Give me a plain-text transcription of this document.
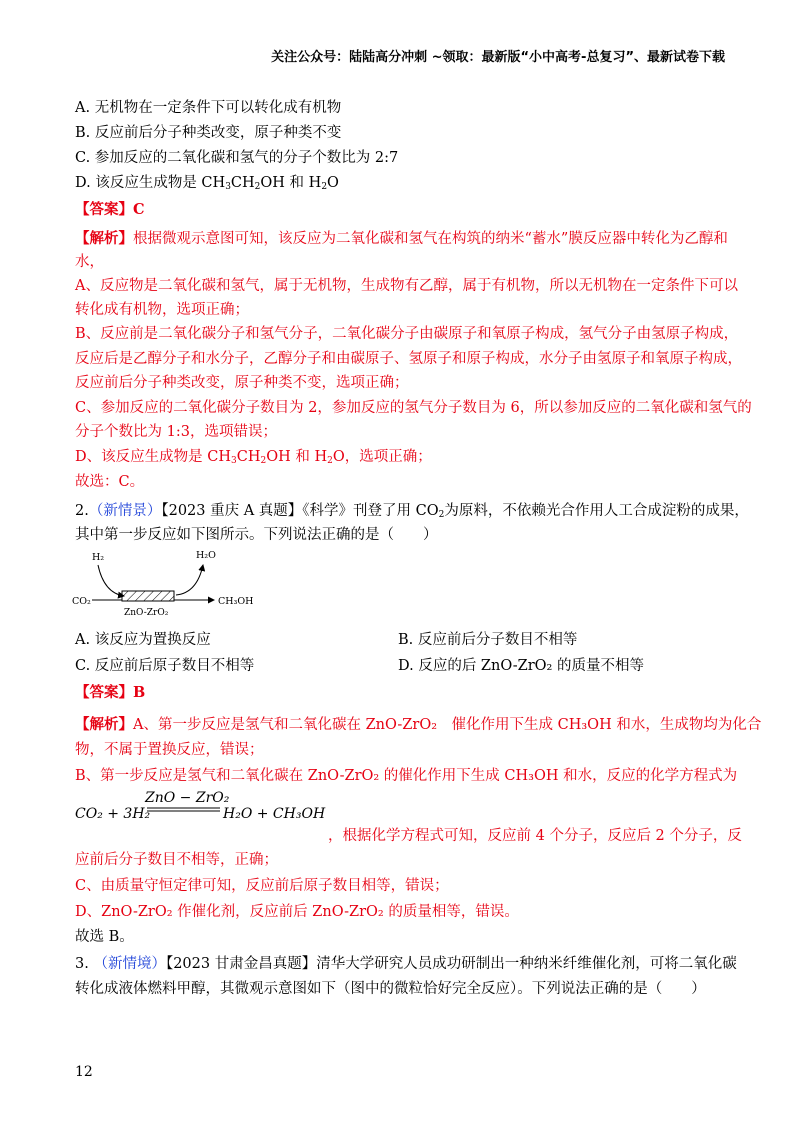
关注公众号：陆陆高分冲刺 ~领取：最新版“小中高考-总复习”、最新试卷下载
A. 无机物在一定条件下可以转化成有机物
B. 反应前后分子种类改变，原子种类不变
C. 参加反应的二氧化碳和氢气的分子个数比为 2:7
D. 该反应生成物是 $CH_3CH_2OH$ 和 $H_2O$
【答案】C
【解析】根据微观示意图可知，该反应为二氧化碳和氢气在构筑的纳米“蓄水”膜反应器中转化为乙醇和
水，
A、反应物是二氧化碳和氢气，属于无机物，生成物有乙醇，属于有机物，所以无机物在一定条件下可以
转化成有机物，选项正确；
B、反应前是二氧化碳分子和氢气分子，二氧化碳分子由碳原子和氧原子构成，氢气分子由氢原子构成，
反应后是乙醇分子和水分子，乙醇分子和由碳原子、氢原子和原子构成，水分子由氢原子和氧原子构成，
反应前后分子种类改变，原子种类不变，选项正确；
C、参加反应的二氧化碳分子数目为 2，参加反应的氢气分子数目为 6，所以参加反应的二氧化碳和氢气的
分子个数比为 1:3，选项错误；
D、该反应生成物是 $CH_3CH_2OH$ 和 $H_2O$，选项正确；
故选：C。
2.（新情景）【2023 重庆 A 真题】《科学》刊登了用 $CO_2$为原料，不依赖光合作用人工合成淀粉的成果，
其中第一步反应如下图所示。下列说法正确的是（　　）
H₂	H₂O
CO₂	CH₃OH
ZnO-ZrO₂
A. 该反应为置换反应	B. 反应前后分子数目不相等
C. 反应前后原子数目不相等	D. 反应的后 ZnO-ZrO₂ 的质量不相等
【答案】B
【解析】A、第一步反应是氢气和二氧化碳在 ZnO-ZrO₂　催化作用下生成 CH₃OH 和水，生成物均为化合
物，不属于置换反应，错误；
B、第一步反应是氢气和二氧化碳在 ZnO-ZrO₂ 的催化作用下生成 CH₃OH 和水，反应的化学方程式为
ZnO − ZrO₂
CO₂ + 3H₂	H₂O + CH₃OH
，根据化学方程式可知，反应前 4 个分子，反应后 2 个分子，反
应前后分子数目不相等，正确；
C、由质量守恒定律可知，反应前后原子数目相等，错误；
D、ZnO-ZrO₂ 作催化剂，反应前后 ZnO-ZrO₂ 的质量相等，错误。
故选 B。
3. （新情境）【2023 甘肃金昌真题】清华大学研究人员成功研制出一种纳米纤维催化剂，可将二氧化碳
转化成液体燃料甲醇，其微观示意图如下（图中的微粒恰好完全反应）。下列说法正确的是（　　）
12
